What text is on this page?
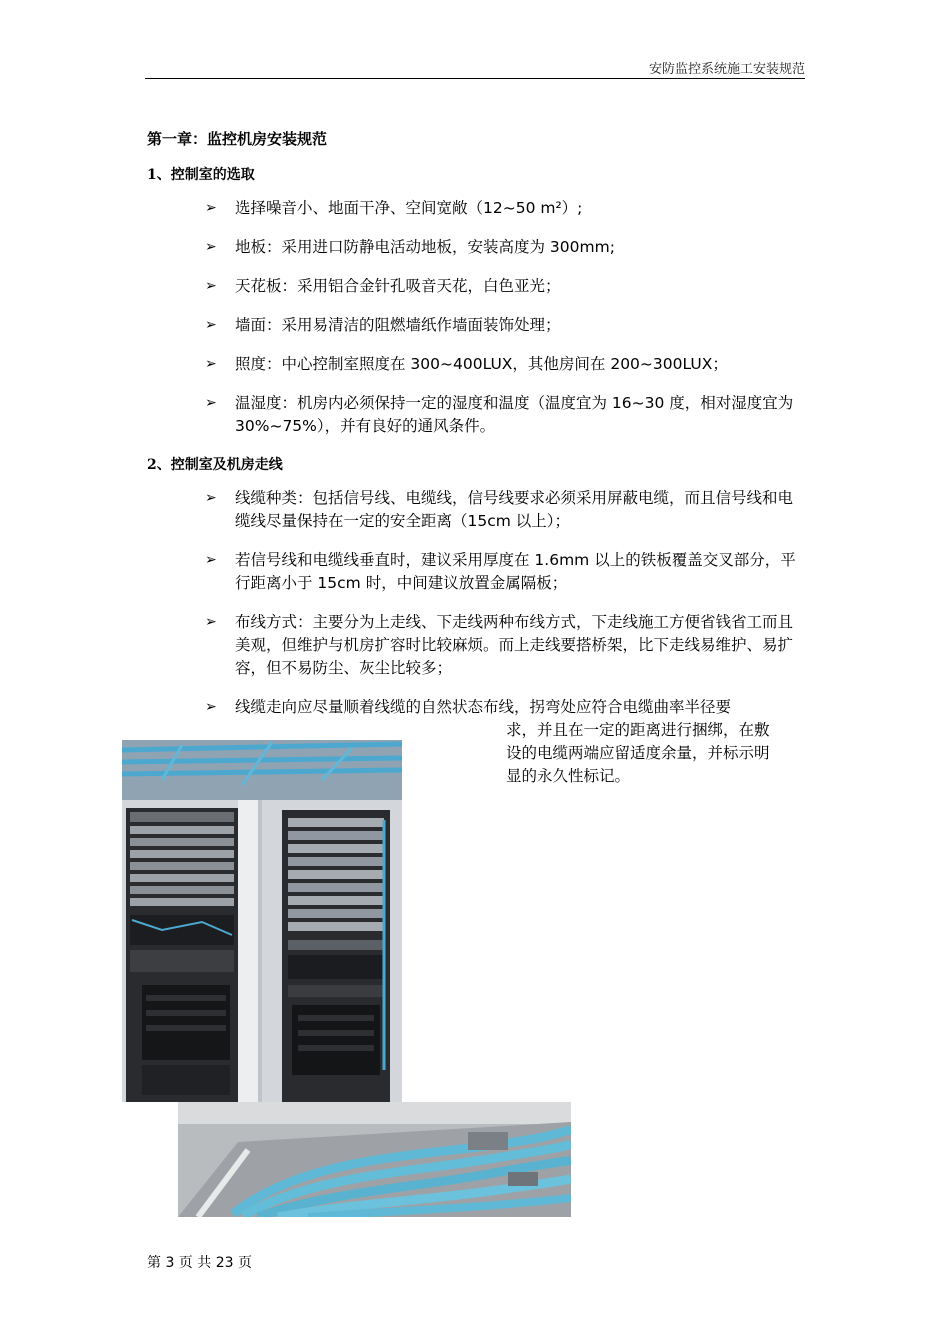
安防监控系统施工安装规范
第一章：监控机房安装规范
1、控制室的选取
➢	选择噪音小、地面干净、空间宽敞（12~50 m²）;
➢	地板：采用进口防静电活动地板，安装高度为 300mm;
➢	天花板：采用铝合金针孔吸音天花，白色亚光；
➢	墙面：采用易清洁的阻燃墙纸作墙面装饰处理；
➢	照度：中心控制室照度在 300~400LUX，其他房间在 200~300LUX；
➢	温湿度：机房内必须保持一定的湿度和温度（温度宜为 16~30 度，相对湿度宜为 30%~75%），并有良好的通风条件。
2、控制室及机房走线
➢	线缆种类：包括信号线、电缆线，信号线要求必须采用屏蔽电缆，而且信号线和电缆线尽量保持在一定的安全距离（15cm 以上）；
➢	若信号线和电缆线垂直时，建议采用厚度在 1.6mm 以上的铁板覆盖交叉部分，平行距离小于 15cm 时，中间建议放置金属隔板；
➢	布线方式：主要分为上走线、下走线两种布线方式，下走线施工方便省钱省工而且美观，但维护与机房扩容时比较麻烦。而上走线要搭桥架，比下走线易维护、易扩容，但不易防尘、灰尘比较多；
➢	线缆走向应尽量顺着线缆的自然状态布线，拐弯处应符合电缆曲率半径要
求，并且在一定的距离进行捆绑，在敷
设的电缆两端应留适度余量，并标示明
显的永久性标记。
第 3 页 共 23 页
